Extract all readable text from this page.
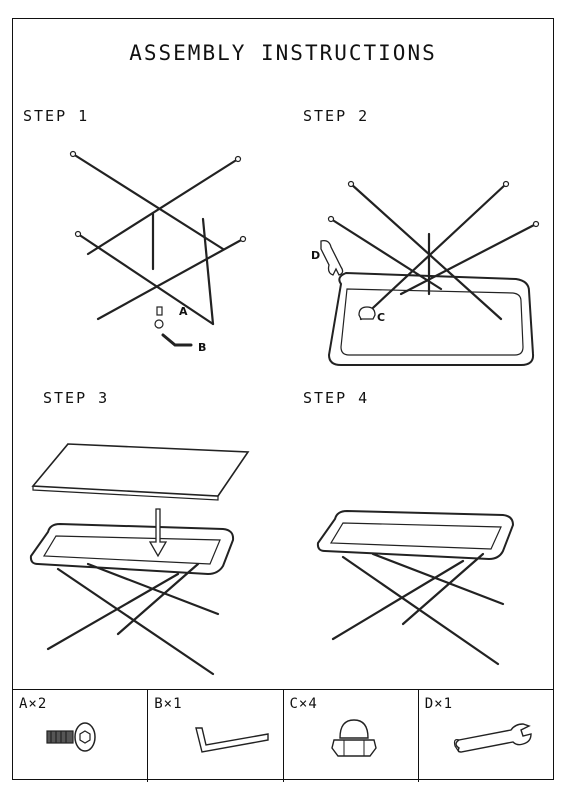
ASSEMBLY INSTRUCTIONS
STEP 1	STEP 2
STEP 3	STEP 4
A
B
D
C
A×2	B×1	C×4	D×1
